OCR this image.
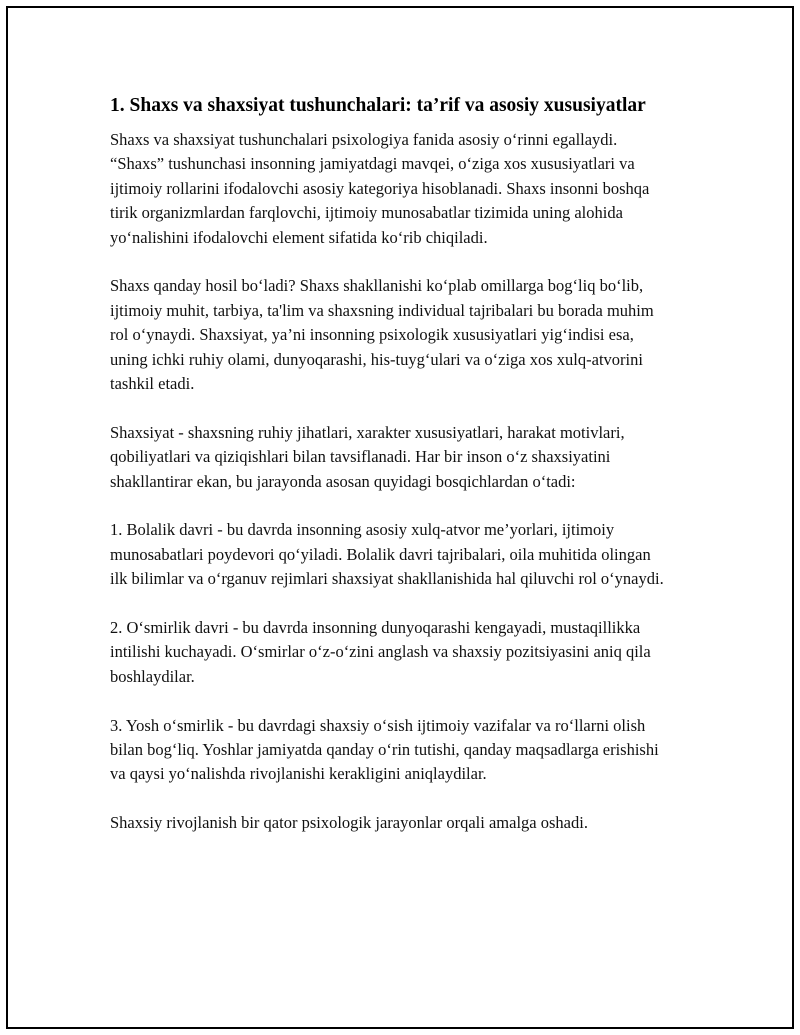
1. Shaxs va shaxsiyat tushunchalari: ta’rif va asosiy xususiyatlar

Shaxs va shaxsiyat tushunchalari psixologiya fanida asosiy o‘rinni egallaydi. “Shaxs” tushunchasi insonning jamiyatdagi mavqei, o‘ziga xos xususiyatlari va ijtimoiy rollarini ifodalovchi asosiy kategoriya hisoblanadi. Shaxs insonni boshqa tirik organizmlardan farqlovchi, ijtimoiy munosabatlar tizimida uning alohida yo‘nalishini ifodalovchi element sifatida ko‘rib chiqiladi.

Shaxs qanday hosil bo‘ladi? Shaxs shakllanishi ko‘plab omillarga bog‘liq bo‘lib, ijtimoiy muhit, tarbiya, ta'lim va shaxsning individual tajribalari bu borada muhim rol o‘ynaydi. Shaxsiyat, ya’ni insonning psixologik xususiyatlari yig‘indisi esa, uning ichki ruhiy olami, dunyoqarashi, his-tuyg‘ulari va o‘ziga xos xulq-atvorini tashkil etadi.

Shaxsiyat - shaxsning ruhiy jihatlari, xarakter xususiyatlari, harakat motivlari, qobiliyatlari va qiziqishlari bilan tavsiflanadi. Har bir inson o‘z shaxsiyatini shakllantirar ekan, bu jarayonda asosan quyidagi bosqichlardan o‘tadi:

1. Bolalik davri - bu davrda insonning asosiy xulq-atvor me’yorlari, ijtimoiy munosabatlari poydevori qo‘yiladi. Bolalik davri tajribalari, oila muhitida olingan ilk bilimlar va o‘rganuv rejimlari shaxsiyat shakllanishida hal qiluvchi rol o‘ynaydi.

2. O‘smirlik davri - bu davrda insonning dunyoqarashi kengayadi, mustaqillikka intilishi kuchayadi. O‘smirlar o‘z-o‘zini anglash va shaxsiy pozitsiyasini aniq qila boshlaydilar.

3. Yosh o‘smirlik - bu davrdagi shaxsiy o‘sish ijtimoiy vazifalar va ro‘llarni olish bilan bog‘liq. Yoshlar jamiyatda qanday o‘rin tutishi, qanday maqsadlarga erishishi va qaysi yo‘nalishda rivojlanishi kerakligini aniqlaydilar.

Shaxsiy rivojlanish bir qator psixologik jarayonlar orqali amalga oshadi.
